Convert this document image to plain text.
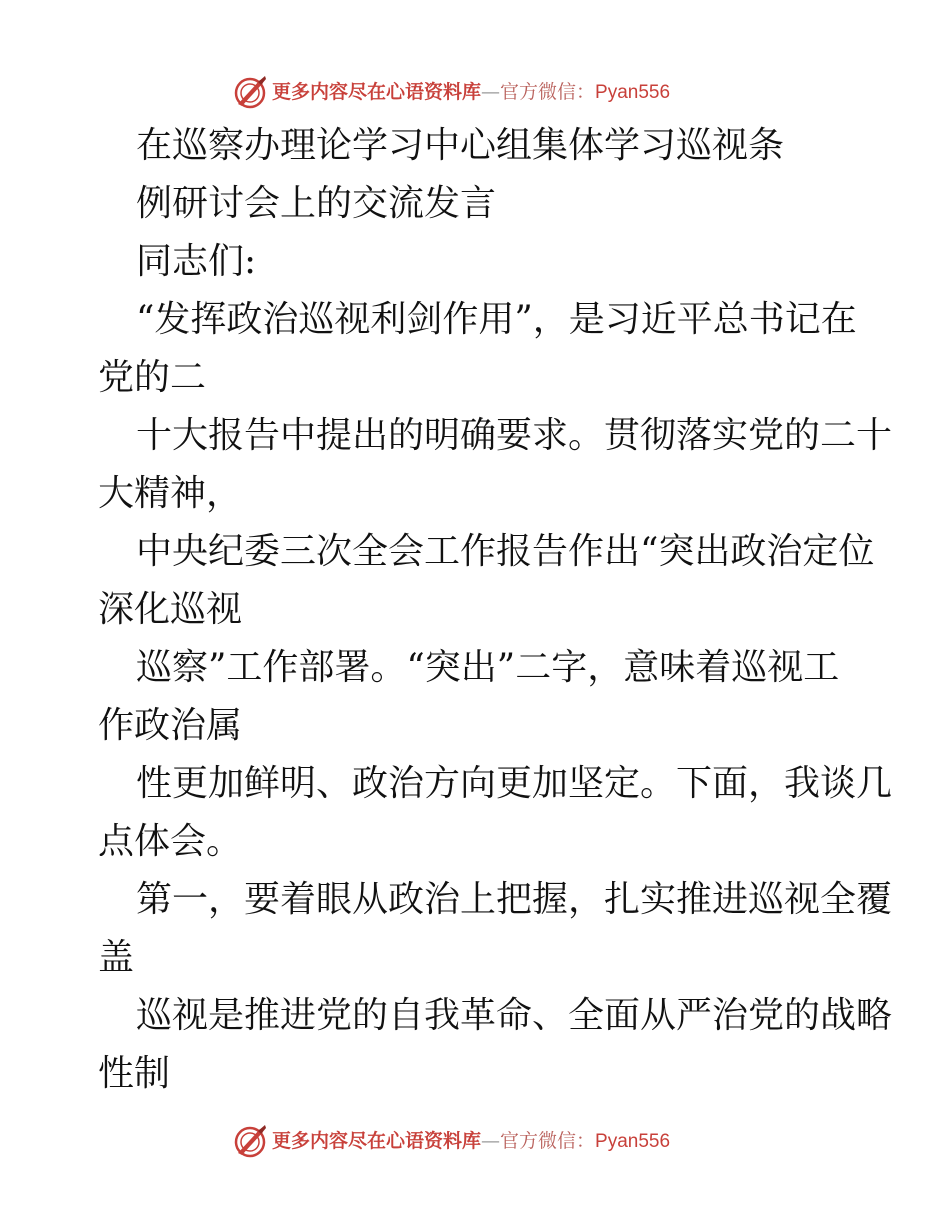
更多内容尽在心语资料库—官方微信：Pyan556
在巡察办理论学习中心组集体学习巡视条
例研讨会上的交流发言
同志们:
“发挥政治巡视利剑作用”，是习近平总书记在
党的二
十大报告中提出的明确要求。贯彻落实党的二十
大精神，
中央纪委三次全会工作报告作出“突出政治定位
深化巡视
巡察”工作部署。“突出”二字，意味着巡视工
作政治属
性更加鲜明、政治方向更加坚定。下面，我谈几
点体会。
第一，要着眼从政治上把握，扎实推进巡视全覆
盖
巡视是推进党的自我革命、全面从严治党的战略
性制
更多内容尽在心语资料库—官方微信：Pyan556
